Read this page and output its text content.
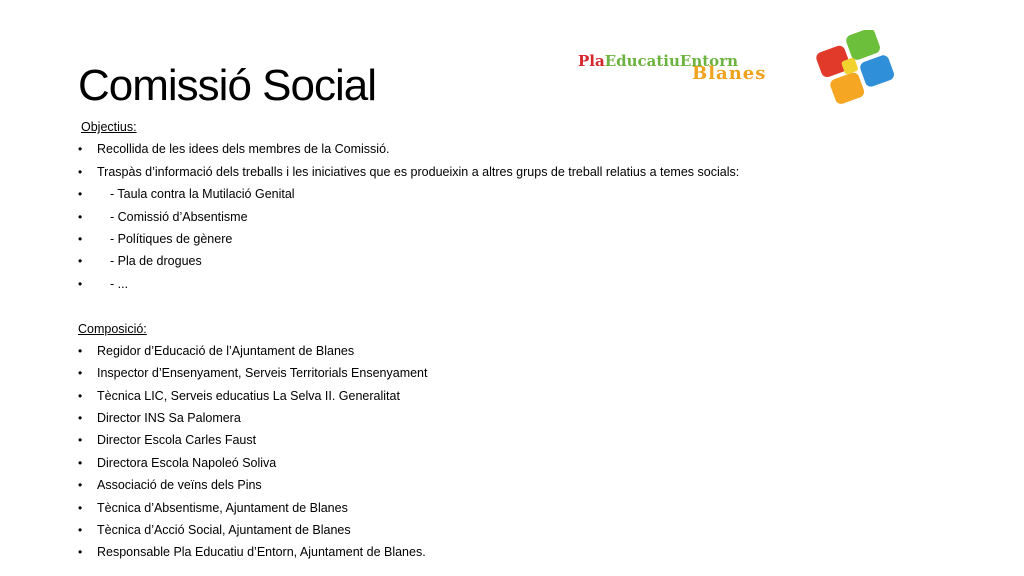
Comissió Social	PlaEducatiuEntorn
Blanes
Objectius:
• Recollida de les idees dels membres de la Comissió.
• Traspàs d’informació dels treballs i les iniciatives que es produeixin a altres grups de treball relatius a temes socials:
• - Taula contra la Mutilació Genital
• - Comissió d’Absentisme
• - Polítiques de gènere
• - Pla de drogues
• - ...
Composició:
• Regidor d’Educació de l’Ajuntament de Blanes
• Inspector d’Ensenyament, Serveis Territorials Ensenyament
• Tècnica LIC, Serveis educatius La Selva II. Generalitat
• Director INS Sa Palomera
• Director Escola Carles Faust
• Directora Escola Napoleó Soliva
• Associació de veïns dels Pins
• Tècnica d’Absentisme, Ajuntament de Blanes
• Tècnica d’Acció Social, Ajuntament de Blanes
• Responsable Pla Educatiu d’Entorn, Ajuntament de Blanes.
